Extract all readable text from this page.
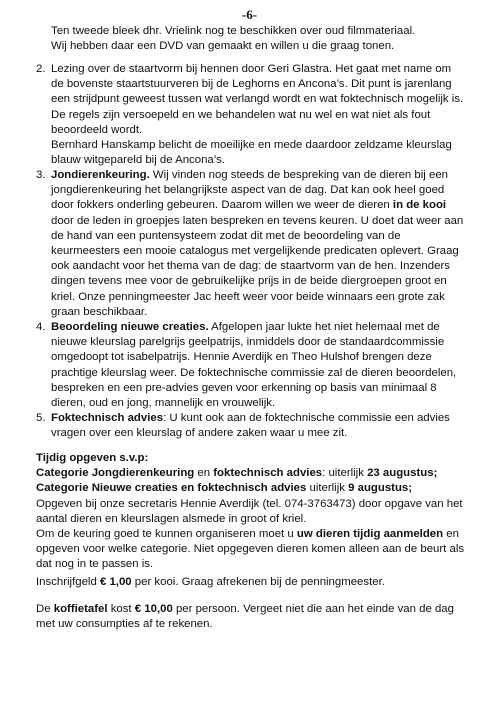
-6-

Ten tweede bleek dhr. Vrielink nog te beschikken over oud filmmateriaal.

Wij hebben daar een DVD van gemaakt en willen u die graag tonen.

2. Lezing over de staartvorm bij hennen door Geri Glastra. Het gaat met name om de bovenste staartstuurveren bij de Leghorns en Ancona’s. Dit punt is jarenlang een strijdpunt geweest tussen wat verlangd wordt en wat foktechnisch mogelijk is. De regels zijn versoepeld en we behandelen wat nu wel en wat niet als fout beoordeeld wordt.

Bernhard Hanskamp belicht de moeilijke en mede daardoor zeldzame kleurslag blauw witgepareld bij de Ancona’s.

3. Jondierenkeuring. Wij vinden nog steeds de bespreking van de dieren bij een jongdierenkeuring het belangrijkste aspect van de dag. Dat kan ook heel goed door fokkers onderling gebeuren. Daarom willen we weer de dieren in de kooi door de leden in groepjes laten bespreken en tevens keuren. U doet dat weer aan de hand van een puntensysteem zodat dit met de beoordeling van de keurmeesters een mooie catalogus met vergelijkende predicaten oplevert. Graag ook aandacht voor het thema van de dag: de staartvorm van de hen. Inzenders dingen tevens mee voor de gebruikelijke prijs in de beide diergroepen groot en kriel. Onze penningmeester Jac heeft weer voor beide winnaars een grote zak graan beschikbaar.

4. Beoordeling nieuwe creaties. Afgelopen jaar lukte het niet helemaal met de nieuwe kleurslag parelgrijs geelpatrijs, inmiddels door de standaardcommissie omgedoopt tot isabelpatrijs. Hennie Averdijk en Theo Hulshof brengen deze prachtige kleurslag weer. De foktechnische commissie zal de dieren beoordelen, bespreken en een pre-advies geven voor erkenning op basis van minimaal 8 dieren, oud en jong, mannelijk en vrouwelijk.

5. Foktechnisch advies: U kunt ook aan de foktechnische commissie een advies vragen over een kleurslag of andere zaken waar u mee zit.

Tijdig opgeven s.v.p:

Categorie Jongdierenkeuring en foktechnisch advies: uiterlijk 23 augustus;

Categorie Nieuwe creaties en foktechnisch advies uiterlijk 9 augustus;

Opgeven bij onze secretaris Hennie Averdijk (tel. 074-3763473) door opgave van het aantal dieren en kleurslagen alsmede in groot of kriel.

Om de keuring goed te kunnen organiseren moet u uw dieren tijdig aanmelden en opgeven voor welke categorie. Niet opgegeven dieren komen alleen aan de beurt als dat nog in te passen is.

Inschrijfgeld € 1,00 per kooi. Graag afrekenen bij de penningmeester.

De koffietafel kost € 10,00 per persoon. Vergeet niet die aan het einde van de dag met uw consumpties af te rekenen.
